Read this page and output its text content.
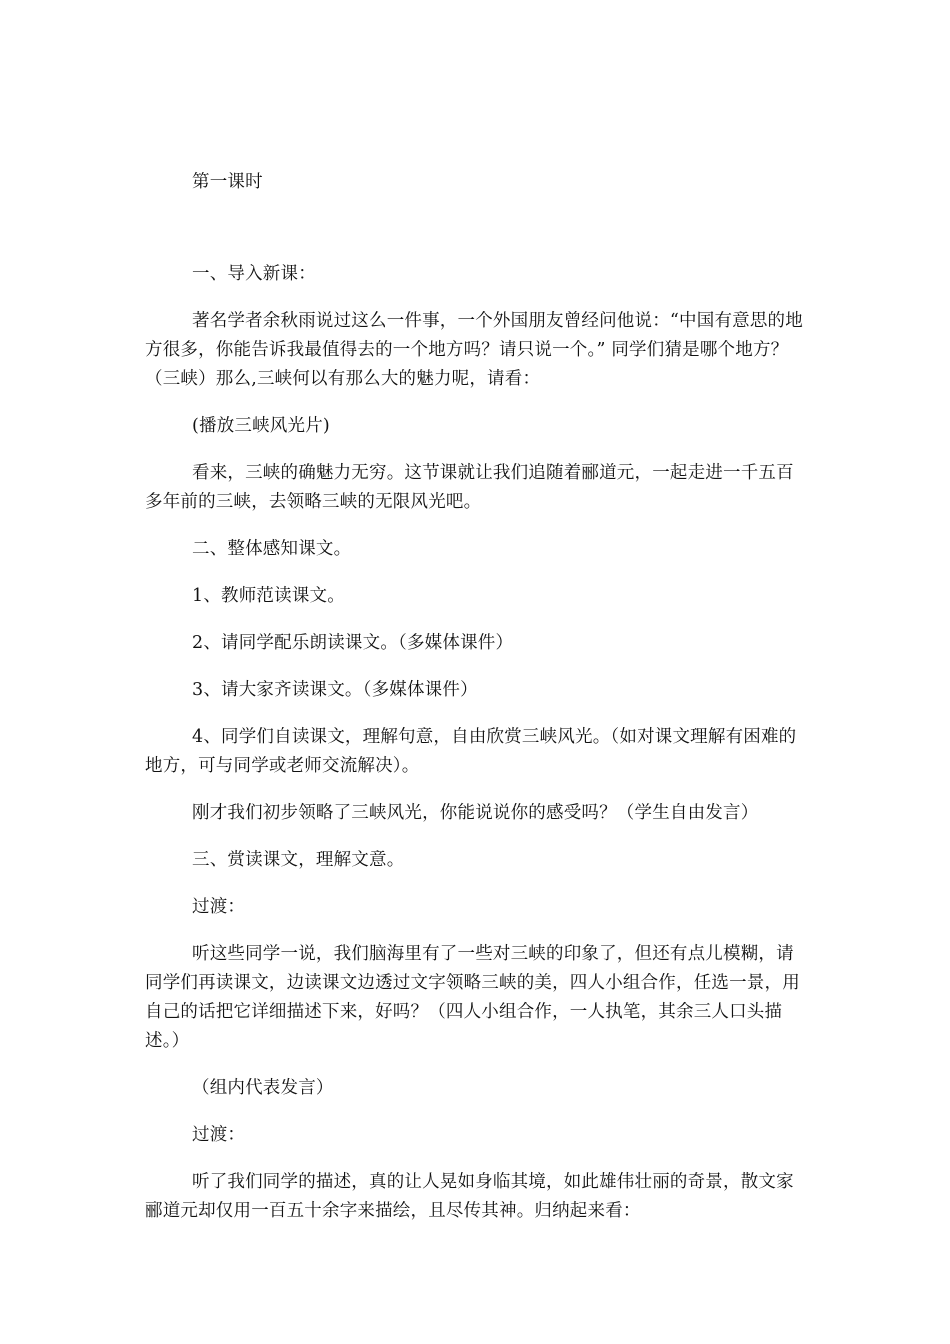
第一课时

一、导入新课：

著名学者余秋雨说过这么一件事，一个外国朋友曾经问他说：“中国有意思的地方很多，你能告诉我最值得去的一个地方吗？请只说一个。” 同学们猜是哪个地方？（三峡）那么,三峡何以有那么大的魅力呢，请看：

(播放三峡风光片)

看来，三峡的确魅力无穷。这节课就让我们追随着郦道元，一起走进一千五百多年前的三峡，去领略三峡的无限风光吧。

二、整体感知课文。

1、教师范读课文。

2、请同学配乐朗读课文。（多媒体课件）

3、请大家齐读课文。（多媒体课件）

4、同学们自读课文，理解句意，自由欣赏三峡风光。（如对课文理解有困难的地方，可与同学或老师交流解决）。

刚才我们初步领略了三峡风光，你能说说你的感受吗？（学生自由发言）

三、赏读课文，理解文意。

过渡：

听这些同学一说，我们脑海里有了一些对三峡的印象了，但还有点儿模糊，请同学们再读课文，边读课文边透过文字领略三峡的美，四人小组合作，任选一景，用自己的话把它详细描述下来，好吗？（四人小组合作，一人执笔，其余三人口头描述。）

（组内代表发言）

过渡：

听了我们同学的描述，真的让人晃如身临其境，如此雄伟壮丽的奇景，散文家郦道元却仅用一百五十余字来描绘，且尽传其神。归纳起来看：
